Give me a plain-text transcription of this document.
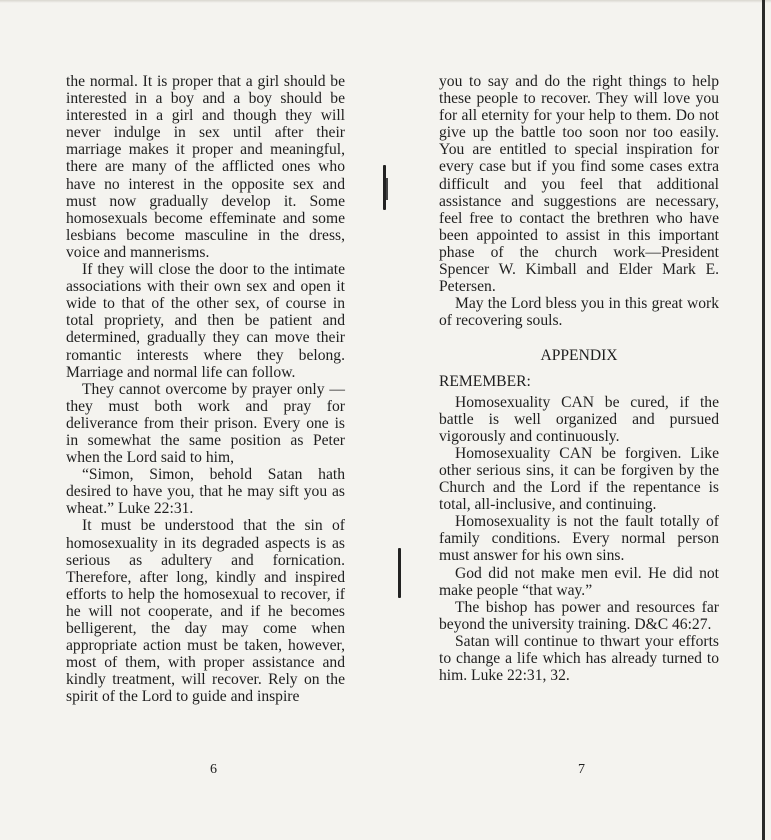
the normal. It is proper that a girl should be interested in a boy and a boy should be interested in a girl and though they will never indulge in sex until after their marriage makes it proper and meaningful, there are many of the afflicted ones who have no interest in the opposite sex and must now gradually develop it. Some homosexuals become effeminate and some lesbians become masculine in the dress, voice and mannerisms.

If they will close the door to the intimate associations with their own sex and open it wide to that of the other sex, of course in total propriety, and then be patient and determined, gradually they can move their romantic interests where they belong. Marriage and normal life can follow.

They cannot overcome by prayer only —they must both work and pray for deliverance from their prison. Every one is in somewhat the same position as Peter when the Lord said to him,

“Simon, Simon, behold Satan hath desired to have you, that he may sift you as wheat.” Luke 22:31.

It must be understood that the sin of homosexuality in its degraded aspects is as serious as adultery and fornication. Therefore, after long, kindly and inspired efforts to help the homosexual to recover, if he will not cooperate, and if he becomes belligerent, the day may come when appropriate action must be taken, however, most of them, with proper assistance and kindly treatment, will recover. Rely on the spirit of the Lord to guide and inspire

you to say and do the right things to help these people to recover. They will love you for all eternity for your help to them. Do not give up the battle too soon nor too easily. You are entitled to special inspiration for every case but if you find some cases extra difficult and you feel that additional assistance and suggestions are necessary, feel free to contact the brethren who have been appointed to assist in this important phase of the church work—President Spencer W. Kimball and Elder Mark E. Petersen.

May the Lord bless you in this great work of recovering souls.

APPENDIX
REMEMBER:

Homosexuality CAN be cured, if the battle is well organized and pursued vigorously and continuously.

Homosexuality CAN be forgiven. Like other serious sins, it can be forgiven by the Church and the Lord if the repentance is total, all-inclusive, and continuing.

Homosexuality is not the fault totally of family conditions. Every normal person must answer for his own sins.

God did not make men evil. He did not make people “that way.”

The bishop has power and resources far beyond the university training. D&C 46:27.

Satan will continue to thwart your efforts to change a life which has already turned to him. Luke 22:31, 32.

6	7
